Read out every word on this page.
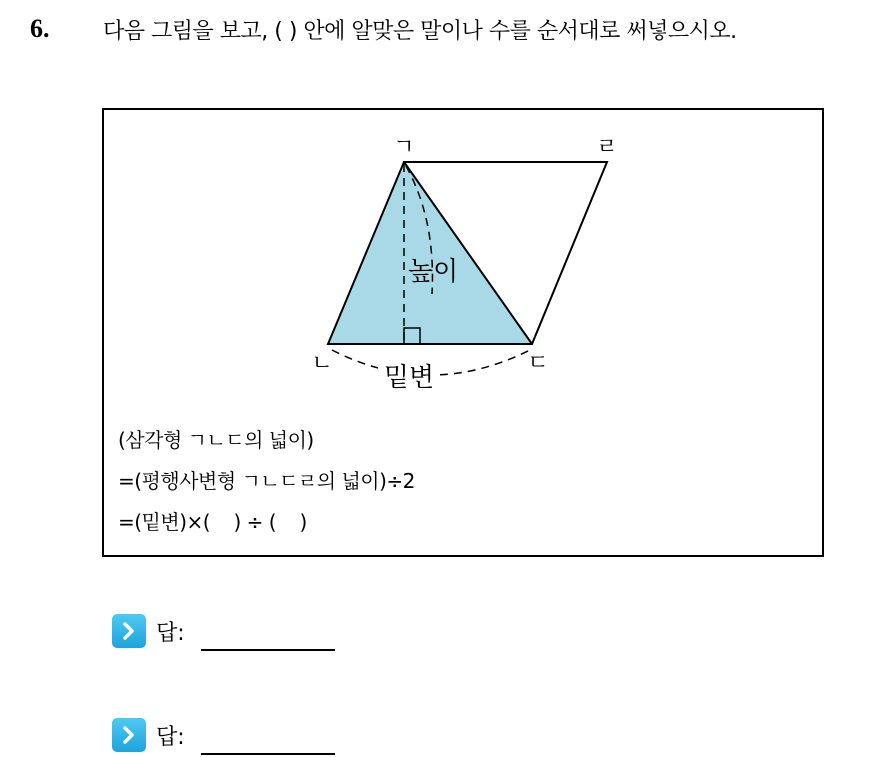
6. 다음 그림을 보고, ( ) 안에 알맞은 말이나 수를 순서대로 써넣으시오.
ㄱ	ㄹ
ㄴ	ㄷ
높이
밑변
(삼각형 ㄱㄴㄷ의 넓이)
=(평행사변형 ㄱㄴㄷㄹ의 넓이)÷2
=(밑변)×(    ) ÷ (    )
답:
답:
